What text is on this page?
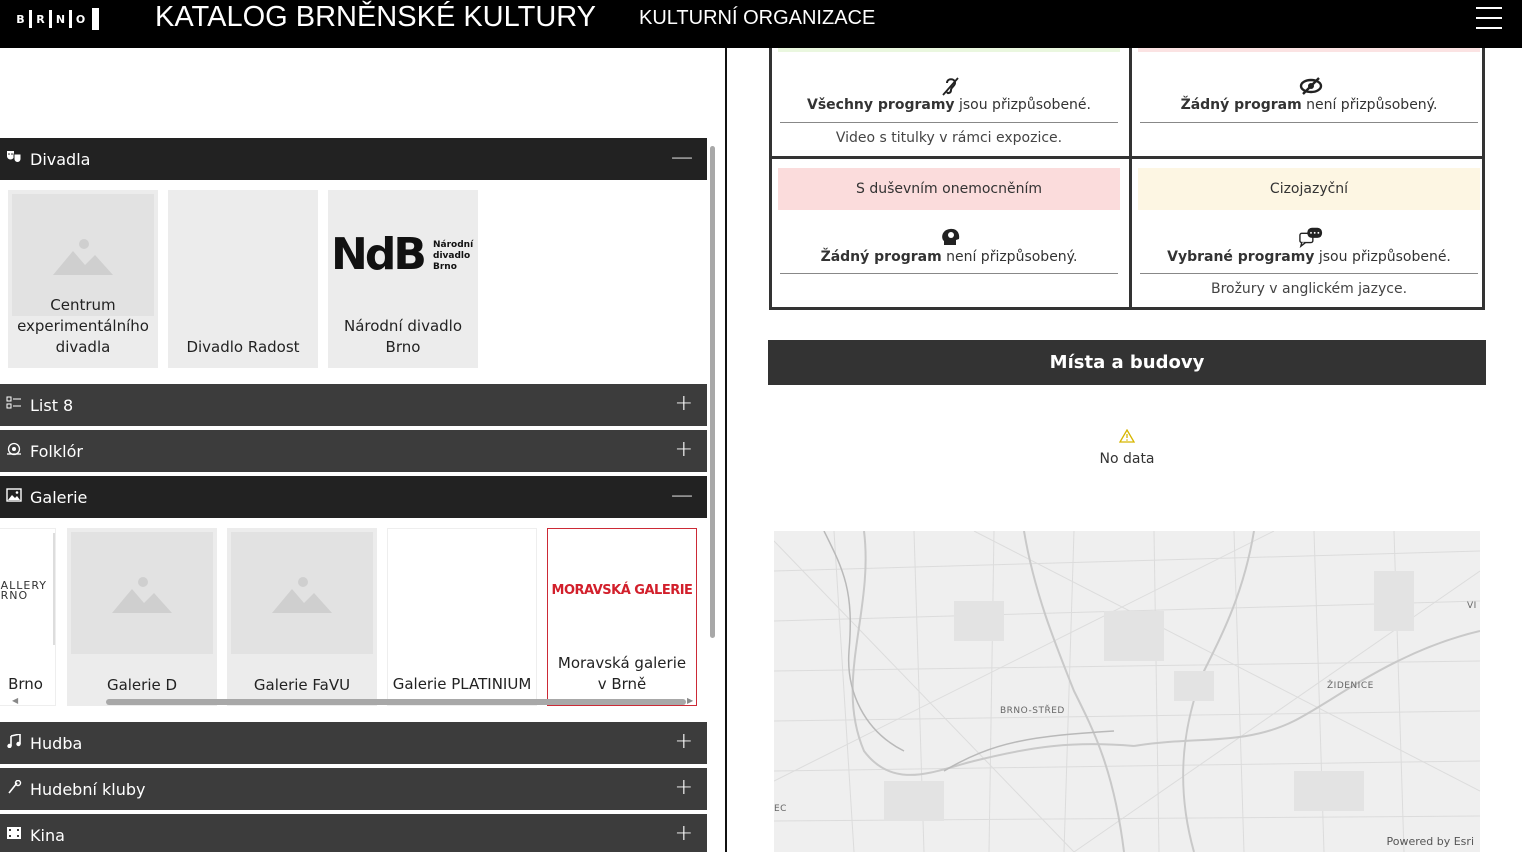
B	R	N O KATALOG BRNĚNSKÉ KULTURY KULTURNÍ ORGANIZACE
Divadla	—
Centrum experimentálního divadla	Divadlo Radost
NdB Národní
divadlo
Brno
Národní divadlo Brno
List 8	+
Folklór	+
Galerie	—
ALLERY
RNO
Brno	Galerie D	Galerie FaVU	Galerie PLATINIUM
MORAVSKÁ GALERIE
Moravská galerie v Brně
◀	▶
Hudba	+
Hudební kluby	+
Kina	+
Všechny programy jsou přizpůsobené.
Video s titulky v rámci expozice.
Žádný program není přizpůsobený.
S duševním onemocněním
Žádný program není přizpůsobený.
Cizojazyční
Vybrané programy jsou přizpůsobené.
Brožury v anglickém jazyce.
Místa a budovy
No data
BRNO-STŘED
ŽIDENICE
EC
VI
Powered by Esri
